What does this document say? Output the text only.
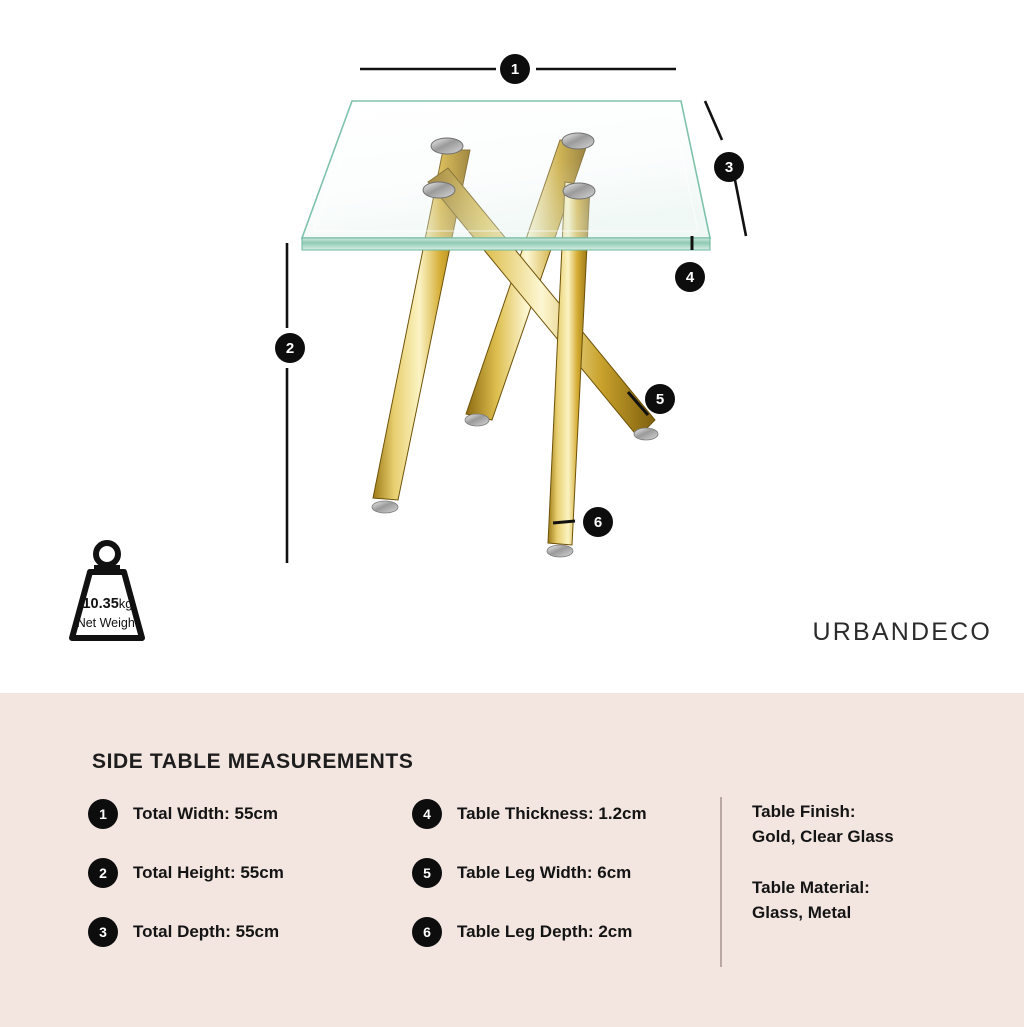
1
2
3
4
5
6
10.35kg
Net Weight	URBANDECO
SIDE TABLE MEASUREMENTS
1	Total Width: 55cm
2	Total Height: 55cm
3	Total Depth: 55cm
4	Table Thickness: 1.2cm
5	Table Leg Width: 6cm
6	Table Leg Depth: 2cm
Table Finish:
Gold, Clear Glass
Table Material:
Glass, Metal
